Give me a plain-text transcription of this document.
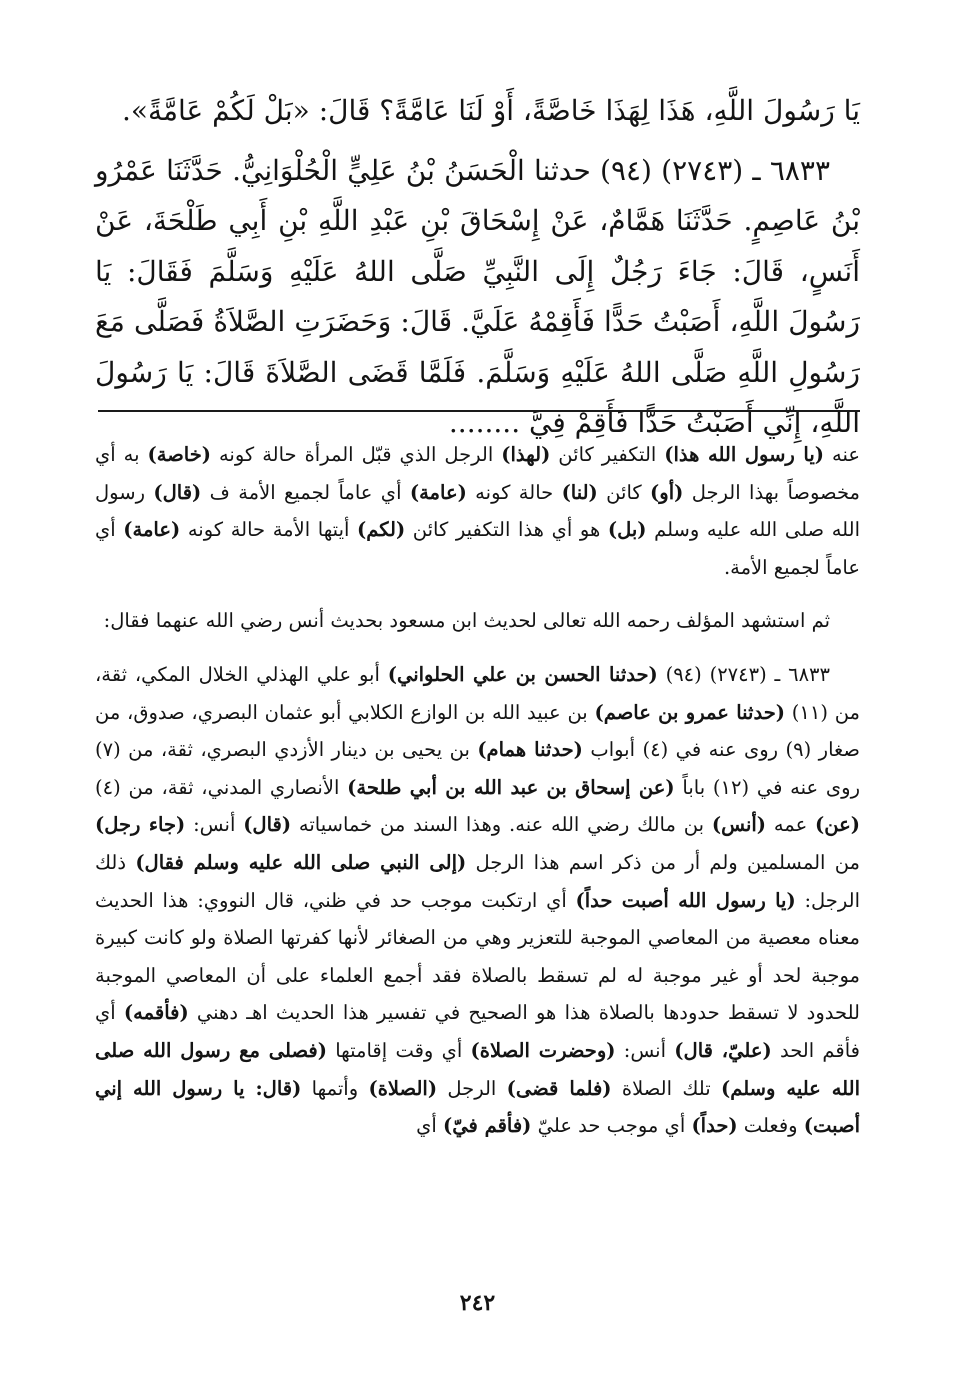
يَا رَسُولَ اللَّهِ، هَذَا لِهَذَا خَاصَّةً، أَوْ لَنَا عَامَّةً؟ قَالَ: «بَلْ لَكُمْ عَامَّةً».

٦٨٣٣ ـ (٢٧٤٣) (٩٤) حدثنا الْحَسَنُ بْنُ عَلِيٍّ الْحُلْوَانِيُّ. حَدَّثَنَا عَمْرُو بْنُ عَاصِمٍ. حَدَّثَنَا هَمَّامٌ، عَنْ إِسْحَاقَ بْنِ عَبْدِ اللَّهِ بْنِ أَبِي طَلْحَةَ، عَنْ أَنَسٍ، قَالَ: جَاءَ رَجُلٌ إِلَى النَّبِيِّ صَلَّى اللهُ عَلَيْهِ وَسَلَّمَ فَقَالَ: يَا رَسُولَ اللَّهِ، أَصَبْتُ حَدًّا فَأَقِمْهُ عَلَيَّ. قَالَ: وَحَضَرَتِ الصَّلاَةُ فَصَلَّى مَعَ رَسُولِ اللَّهِ صَلَّى اللهُ عَلَيْهِ وَسَلَّمَ. فَلَمَّا قَضَى الصَّلاَةَ قَالَ: يَا رَسُولَ اللَّهِ، إِنِّي أَصَبْتُ حَدًّا فَأَقِمْ فِيَّ ........

عنه (يا رسول الله هذا) التكفير كائن (لهذا) الرجل الذي قبّل المرأة حالة كونه (خاصة) به أي مخصوصاً بهذا الرجل (أو) كائن (لنا) حالة كونه (عامة) أي عاماً لجميع الأمة ف (قال) رسول الله صلى الله عليه وسلم (بل) هو أي هذا التكفير كائن (لكم) أيتها الأمة حالة كونه (عامة) أي عاماً لجميع الأمة.

ثم استشهد المؤلف رحمه الله تعالى لحديث ابن مسعود بحديث أنس رضي الله عنهما فقال:

٦٨٣٣ ـ (٢٧٤٣) (٩٤) (حدثنا الحسن بن علي الحلواني) أبو علي الهذلي الخلال المكي، ثقة، من (١١) (حدثنا عمرو بن عاصم) بن عبيد الله بن الوازع الكلابي أبو عثمان البصري، صدوق، من صغار (٩) روى عنه في (٤) أبواب (حدثنا همام) بن يحيى بن دينار الأزدي البصري، ثقة، من (٧) روى عنه في (١٢) باباً (عن إسحاق بن عبد الله بن أبي طلحة) الأنصاري المدني، ثقة، من (٤) (عن) عمه (أنس) بن مالك رضي الله عنه. وهذا السند من خماسياته (قال) أنس: (جاء رجل) من المسلمين ولم أر من ذكر اسم هذا الرجل (إلى النبي صلى الله عليه وسلم فقال) ذلك الرجل: (يا رسول الله أصبت حداً) أي ارتكبت موجب حد في ظني، قال النووي: هذا الحديث معناه معصية من المعاصي الموجبة للتعزير وهي من الصغائر لأنها كفرتها الصلاة ولو كانت كبيرة موجبة لحد أو غير موجبة له لم تسقط بالصلاة فقد أجمع العلماء على أن المعاصي الموجبة للحدود لا تسقط حدودها بالصلاة هذا هو الصحيح في تفسير هذا الحديث اهـ دهني (فأقمه) أي فأقم الحد (عليّ، قال) أنس: (وحضرت الصلاة) أي وقت إقامتها (فصلى مع رسول الله صلى الله عليه وسلم) تلك الصلاة (فلما قضى) الرجل (الصلاة) وأتمها (قال: يا رسول الله إني أصبت) وفعلت (حداً) أي موجب حد عليّ (فأقم فيّ) أي

٢٤٢
